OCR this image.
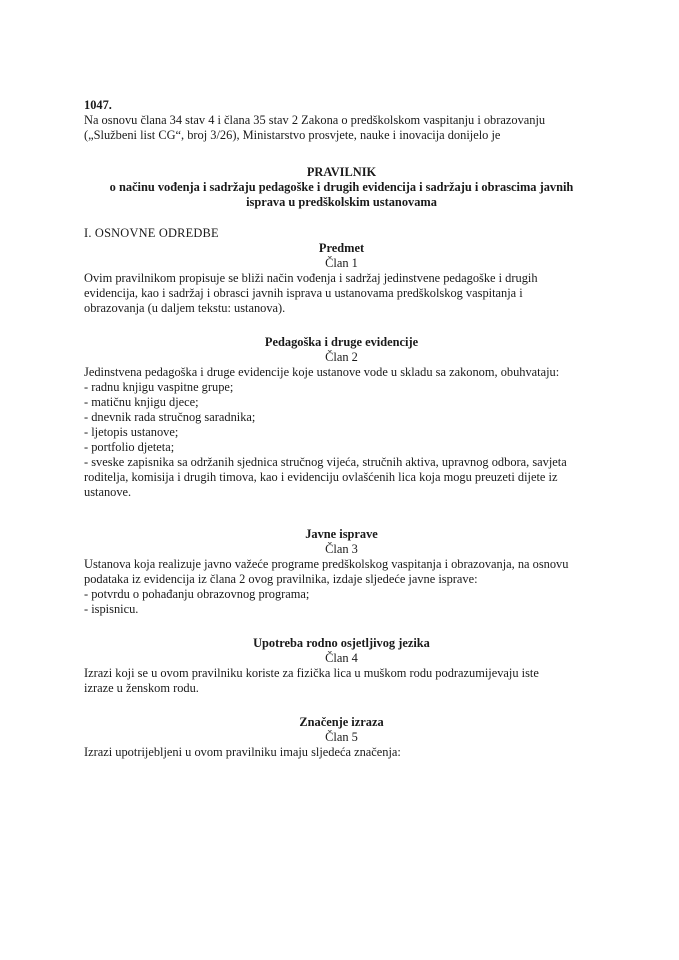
1047.

Na osnovu člana 34 stav 4 i člana 35 stav 2 Zakona o predškolskom vaspitanju i obrazovanju

(„Službeni list CG“, broj 3/26), Ministarstvo prosvjete, nauke i inovacija donijelo je

PRAVILNIK

o načinu vođenja i sadržaju pedagoške i drugih evidencija i sadržaju i obrascima javnih

isprava u predškolskim ustanovama

I. OSNOVNE ODREDBE

Predmet

Član 1

Ovim pravilnikom propisuje se bliži način vođenja i sadržaj jedinstvene pedagoške i drugih

evidencija, kao i sadržaj i obrasci javnih isprava u ustanovama predškolskog vaspitanja i

obrazovanja (u daljem tekstu: ustanova).

Pedagoška i druge evidencije

Član 2

Jedinstvena pedagoška i druge evidencije koje ustanove vode u skladu sa zakonom, obuhvataju:

- radnu knjigu vaspitne grupe;

- matičnu knjigu djece;

- dnevnik rada stručnog saradnika;

- ljetopis ustanove;

- portfolio djeteta;

- sveske zapisnika sa održanih sjednica stručnog vijeća, stručnih aktiva, upravnog odbora, savjeta

roditelja, komisija i drugih timova, kao i evidenciju ovlašćenih lica koja mogu preuzeti dijete iz

ustanove.

Javne isprave

Član 3

Ustanova koja realizuje javno važeće programe predškolskog vaspitanja i obrazovanja, na osnovu

podataka iz evidencija iz člana 2 ovog pravilnika, izdaje sljedeće javne isprave:

- potvrdu o pohađanju obrazovnog programa;

- ispisnicu.

Upotreba rodno osjetljivog jezika

Član 4

Izrazi koji se u ovom pravilniku koriste za fizička lica u muškom rodu podrazumijevaju iste

izraze u ženskom rodu.

Značenje izraza

Član 5

Izrazi upotrijebljeni u ovom pravilniku imaju sljedeća značenja:
